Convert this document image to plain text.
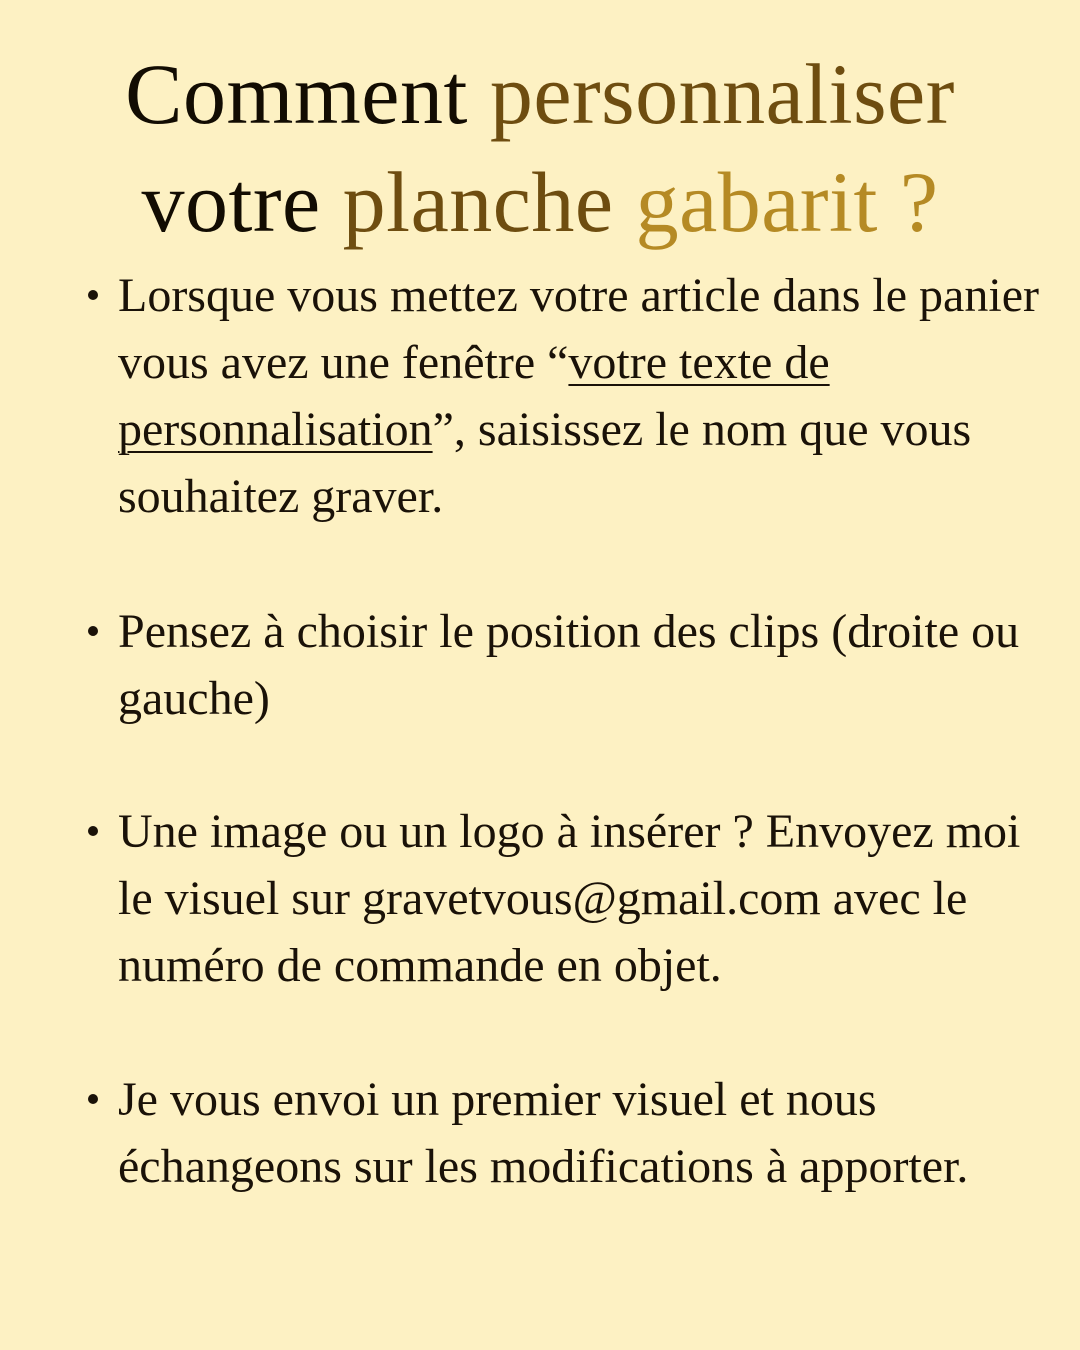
Comment personnaliser
votre planche gabarit ?
Lorsque vous mettez votre article dans le panier vous avez une fenêtre “votre texte de personnalisation”, saisissez le nom que vous souhaitez graver.
Pensez à choisir le position des clips (droite ou gauche)
Une image ou un logo à insérer ? Envoyez moi le visuel sur gravetvous@gmail.com avec le numéro de commande en objet.
Je vous envoi un premier visuel et nous échangeons sur les modifications à apporter.
